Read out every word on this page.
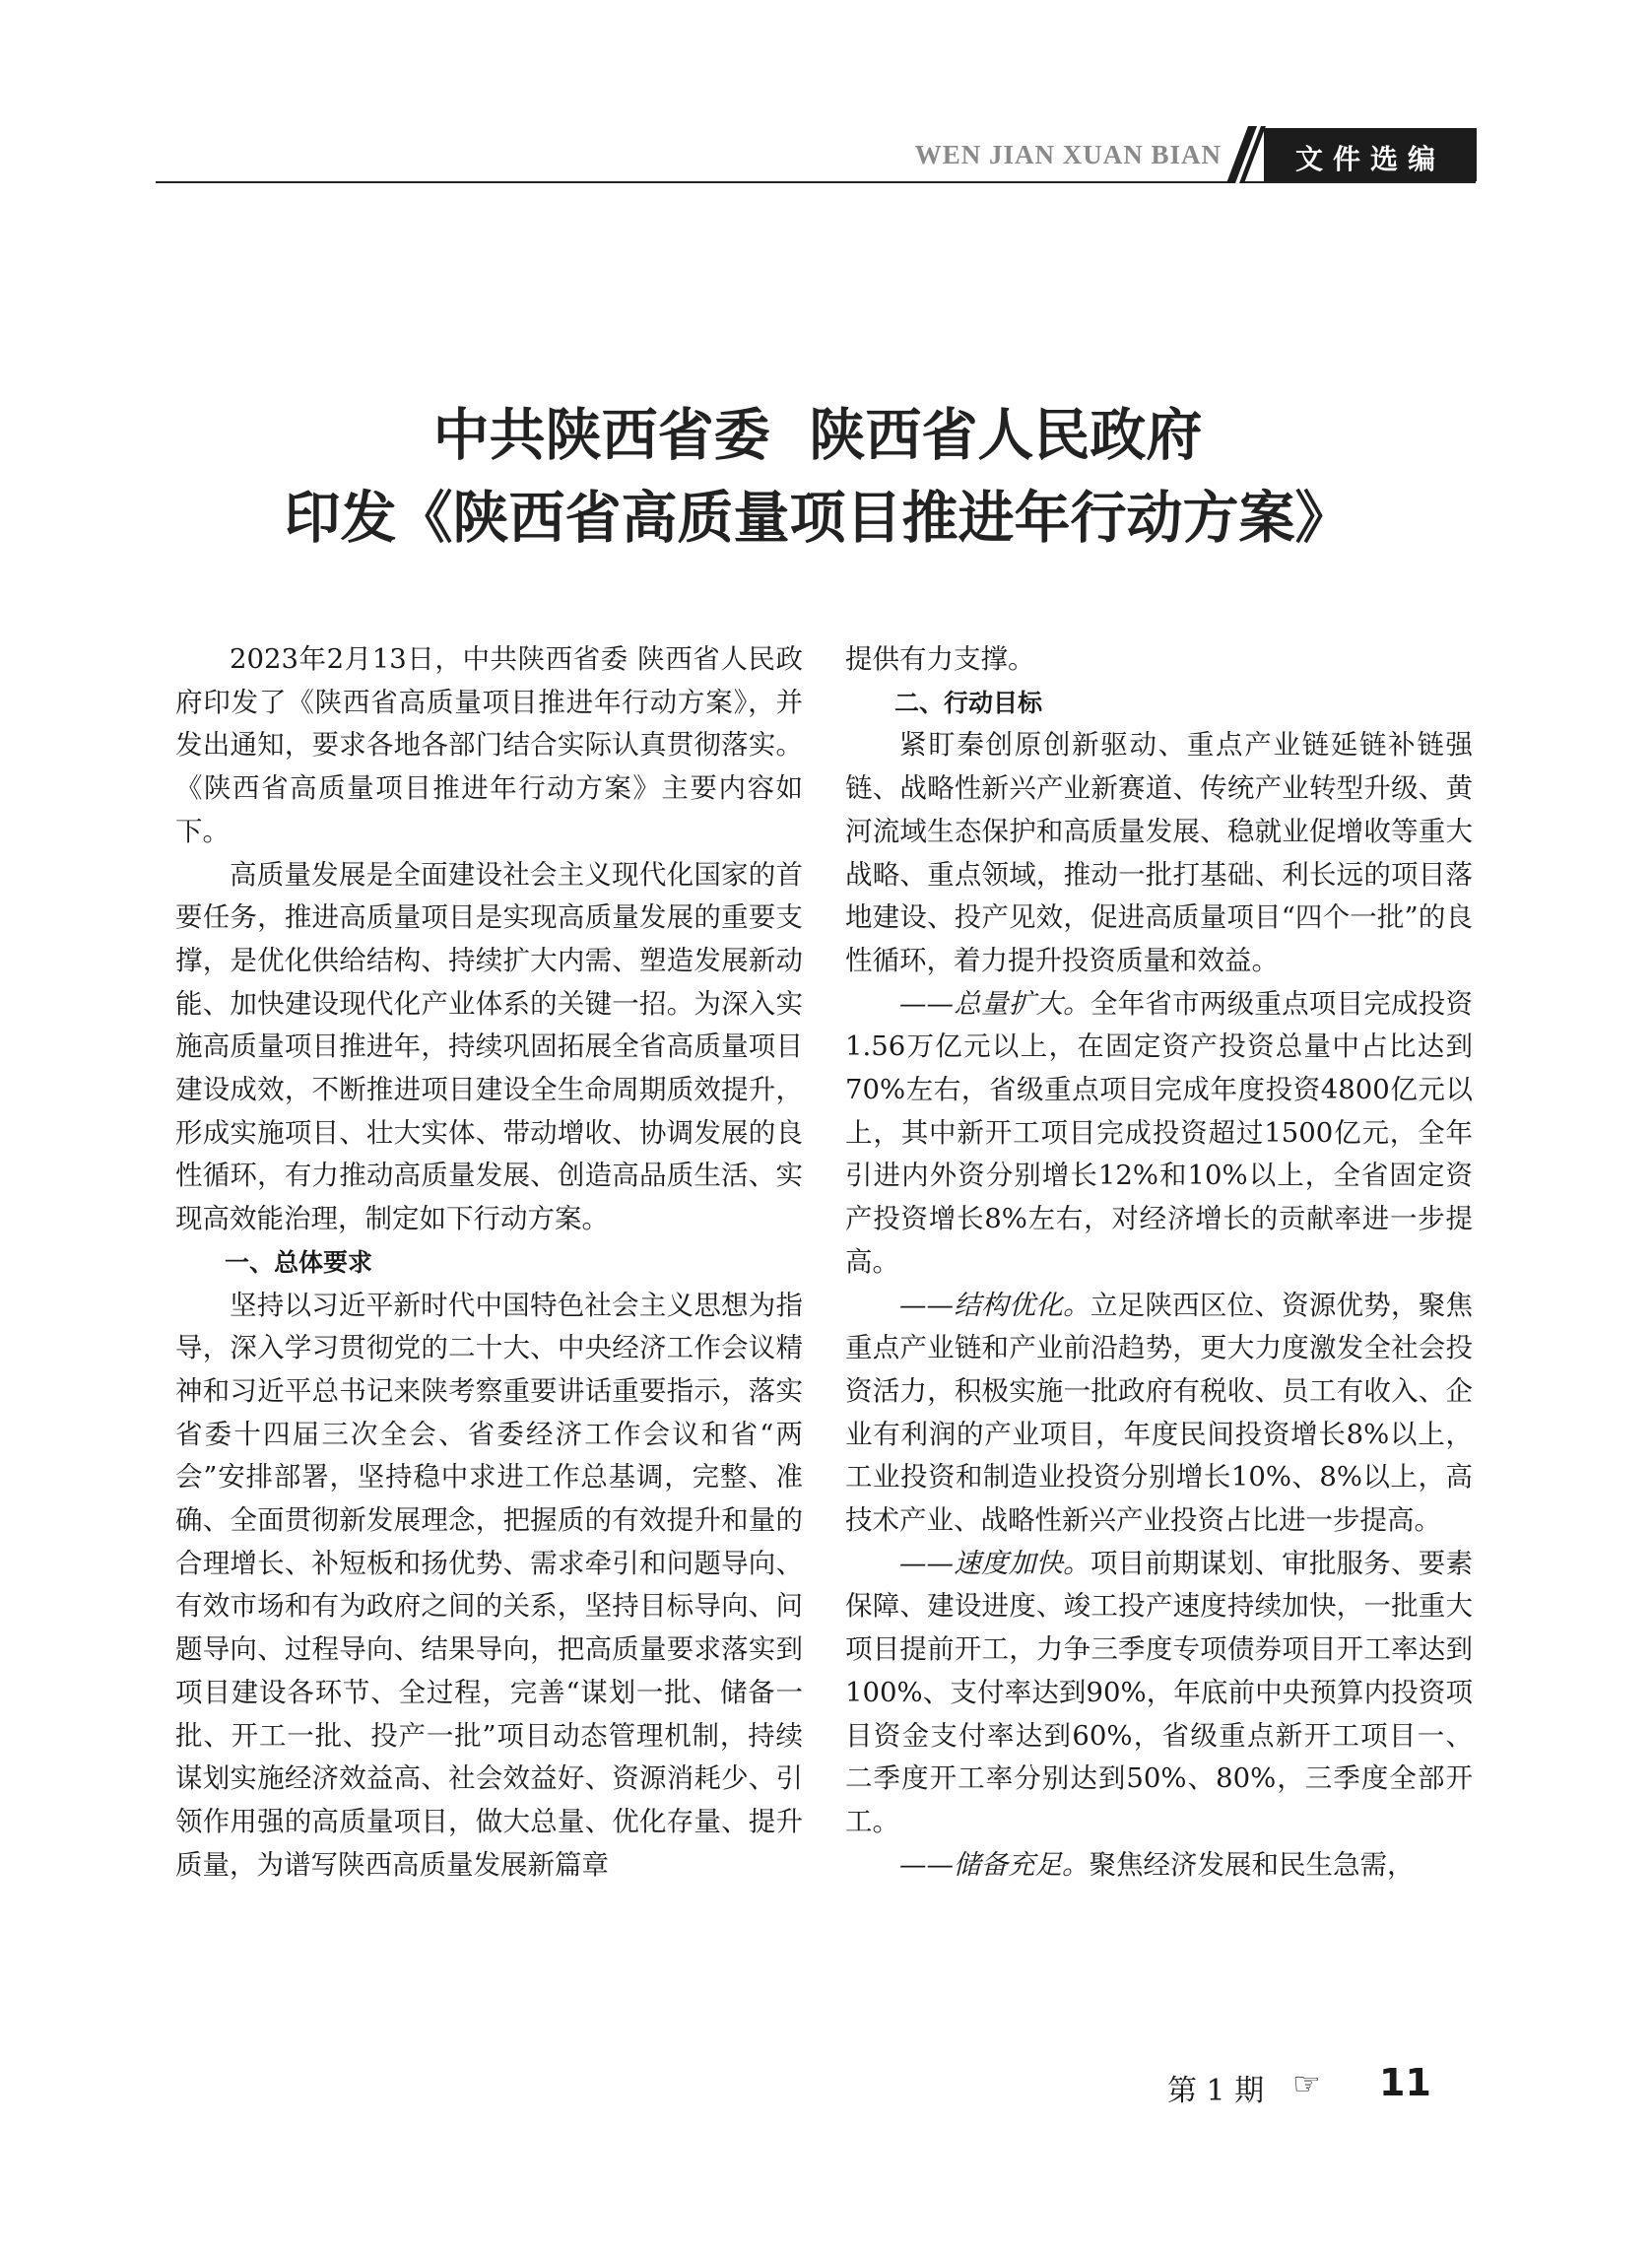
WEN JIAN XUAN BIAN	文件选编
中共陕西省委  陕西省人民政府
印发《陕西省高质量项目推进年行动方案》

2023年2月13日，中共陕西省委 陕西省人民政府印发了《陕西省高质量项目推进年行动方案》，并发出通知，要求各地各部门结合实际认真贯彻落实。《陕西省高质量项目推进年行动方案》主要内容如下。

高质量发展是全面建设社会主义现代化国家的首要任务，推进高质量项目是实现高质量发展的重要支撑，是优化供给结构、持续扩大内需、塑造发展新动能、加快建设现代化产业体系的关键一招。为深入实施高质量项目推进年，持续巩固拓展全省高质量项目建设成效，不断推进项目建设全生命周期质效提升，形成实施项目、壮大实体、带动增收、协调发展的良性循环，有力推动高质量发展、创造高品质生活、实现高效能治理，制定如下行动方案。

一、总体要求

坚持以习近平新时代中国特色社会主义思想为指导，深入学习贯彻党的二十大、中央经济工作会议精神和习近平总书记来陕考察重要讲话重要指示，落实省委十四届三次全会、省委经济工作会议和省“两会”安排部署，坚持稳中求进工作总基调，完整、准确、全面贯彻新发展理念，把握质的有效提升和量的合理增长、补短板和扬优势、需求牵引和问题导向、有效市场和有为政府之间的关系，坚持目标导向、问题导向、过程导向、结果导向，把高质量要求落实到项目建设各环节、全过程，完善“谋划一批、储备一批、开工一批、投产一批”项目动态管理机制，持续谋划实施经济效益高、社会效益好、资源消耗少、引领作用强的高质量项目，做大总量、优化存量、提升质量，为谱写陕西高质量发展新篇章

提供有力支撑。

二、行动目标

紧盯秦创原创新驱动、重点产业链延链补链强链、战略性新兴产业新赛道、传统产业转型升级、黄河流域生态保护和高质量发展、稳就业促增收等重大战略、重点领域，推动一批打基础、利长远的项目落地建设、投产见效，促进高质量项目“四个一批”的良性循环，着力提升投资质量和效益。

——总量扩大。全年省市两级重点项目完成投资1.56万亿元以上，在固定资产投资总量中占比达到70%左右，省级重点项目完成年度投资4800亿元以上，其中新开工项目完成投资超过1500亿元，全年引进内外资分别增长12%和10%以上，全省固定资产投资增长8%左右，对经济增长的贡献率进一步提高。

——结构优化。立足陕西区位、资源优势，聚焦重点产业链和产业前沿趋势，更大力度激发全社会投资活力，积极实施一批政府有税收、员工有收入、企业有利润的产业项目，年度民间投资增长8%以上，工业投资和制造业投资分别增长10%、8%以上，高技术产业、战略性新兴产业投资占比进一步提高。

——速度加快。项目前期谋划、审批服务、要素保障、建设进度、竣工投产速度持续加快，一批重大项目提前开工，力争三季度专项债券项目开工率达到100%、支付率达到90%，年底前中央预算内投资项目资金支付率达到60%，省级重点新开工项目一、二季度开工率分别达到50%、80%，三季度全部开工。

——储备充足。聚焦经济发展和民生急需，

第 1 期 ☞ 11
